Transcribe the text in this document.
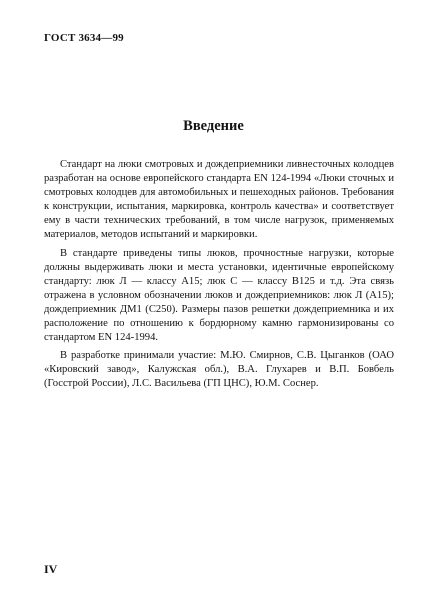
ГОСТ 3634—99
Введение

Стандарт на люки смотровых и дождеприемники ливнесточных колодцев разработан на основе европейского стандарта EN 124-1994 «Люки сточных и смотровых колодцев для автомобильных и пешеходных районов. Требования к конструкции, испытания, маркировка, контроль качества» и соответствует ему в части технических требований, в том числе нагрузок, применяемых материалов, методов испытаний и маркировки.

В стандарте приведены типы люков, прочностные нагрузки, которые должны выдерживать люки и места установки, идентичные европейскому стандарту: люк Л — классу A15; люк С — классу B125 и т.д. Эта связь отражена в условном обозначении люков и дождеприемников: люк Л (A15); дождеприемник ДМ1 (С250). Размеры пазов решетки дождеприемника и их расположение по отношению к бордюрному камню гармонизированы со стандартом EN 124-1994.

В разработке принимали участие: М.Ю. Смирнов, С.В. Цыганков (ОАО «Кировский завод», Калужская обл.), В.А. Глухарев и В.П. Бовбель (Госстрой России), Л.С. Васильева (ГП ЦНС), Ю.М. Соснер.

IV
